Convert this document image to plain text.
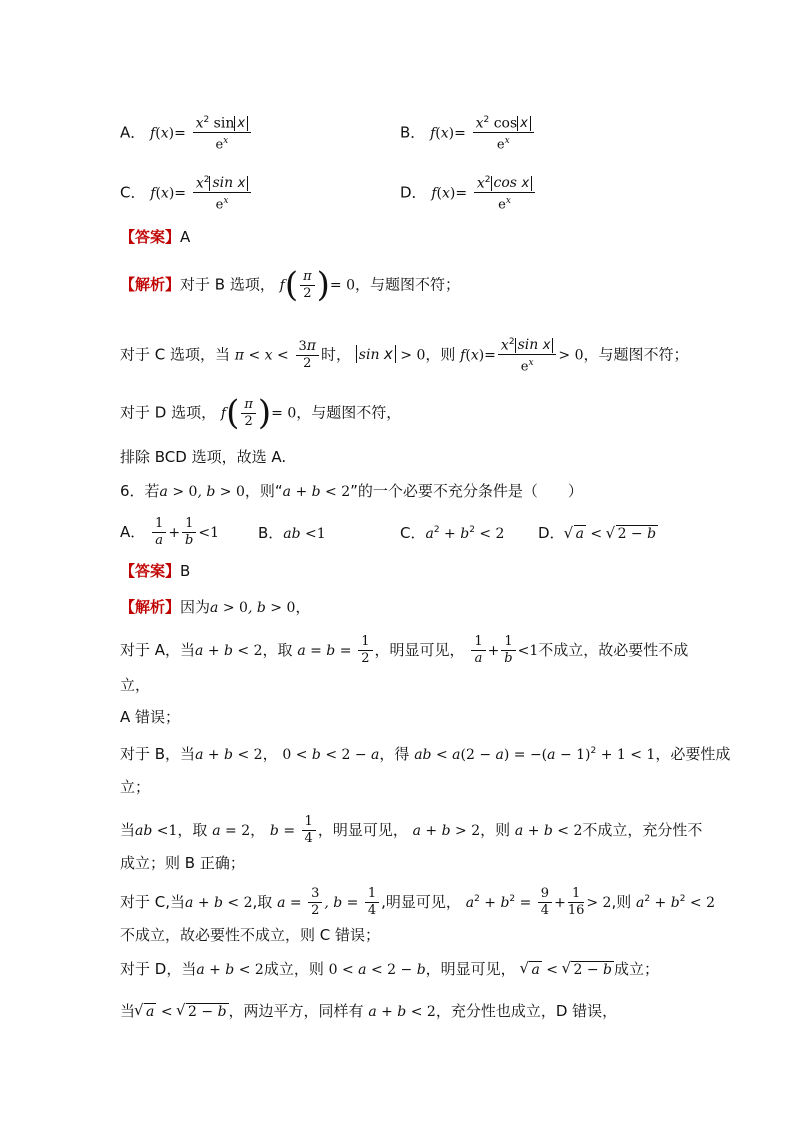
A． $f(x)= \frac{x^2 \sin x}{e^x}$	B． $f(x)= \frac{x^2 \cos x}{e^x}$
C． $f(x)= \frac{x^2 \sin x}{e^x}$	D． $f(x)= \frac{x^2 \cos x}{e^x}$
【答案】A
【解析】对于 B 选项， $f( \frac{\pi}{2}$ )= 0，与题图不符；
对于 C 选项，当 $\pi < x < \frac{3\pi}{2}$ 时， sin x > 0，则 $f(x)= \frac{x^2 \sin x}{e^x} > 0$，与题图不符；
对于 D 选项， $f( \frac{\pi}{2}$ )= 0，与题图不符，
排除 BCD 选项，故选 A.
6．若a > 0, b > 0，则“a + b < 2”的一个必要不充分条件是（　　）
A． $\frac{1}{a} + \frac{1}{b} <1$	B．ab <1	C．$a^2 + b^2 < 2$ D． √ a < √ 2 − b
【答案】B
【解析】因为a > 0, b > 0，
对于 A，当a + b < 2，取 $a = b = \frac{1}{2}$ ，明显可见， $\frac{1}{a} + \frac{1}{b} <1$不成立，故必要性不成
立，
A 错误；
对于 B，当a + b < 2， 0 < b < 2 − a，得 ab < $a(2 - a) = -(a - 1)^2 + 1 < 1$，必要性成
立；
当ab <1，取 a = 2， $b = \frac{1}{4}$ ，明显可见， a + b > 2，则 a + b < 2不成立，充分性不
成立；则 B 正确；
对于 C,当a + b < 2,取 $a = \frac{3}{2}$ , $b = \frac{1}{4}$ ,明显可见， $a^2 + b^2 = \frac{9}{4} + \frac{1}{16} > 2$,则 $a^2 + b^2 < 2$
不成立，故必要性不成立，则 C 错误；
对于 D，当a + b < 2成立，则 0 < a < 2 − b，明显可见， √ a < √ 2 − b 成立；
当 √ a < √ 2 − b ，两边平方，同样有 a + b < 2，充分性也成立，D 错误，
